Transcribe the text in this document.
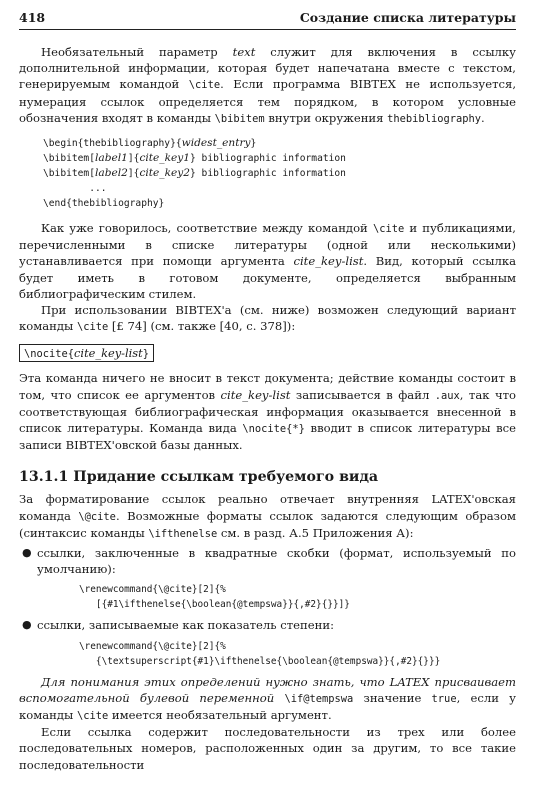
418	Создание списка литературы

Необязательный параметр text служит для включения в ссылку дополнительной информации, которая будет напечатана вместе с текстом, генерируемым командой \cite. Если программа BIBTEX не используется, нумерация ссылок определяется тем порядком, в котором условные обозначения входят в команды \bibitem внутри окружения thebibliography.

\begin{thebibliography}{widest_entry}
\bibitem[label1]{cite_key1} bibliographic information
\bibitem[label2]{cite_key2} bibliographic information
...
\end{thebibliography}

Как уже говорилось, соответствие между командой \cite и публикациями, перечисленными в списке литературы (одной или несколькими) устанавливается при помощи аргумента cite_key-list. Вид, который ссылка будет иметь в готовом документе, определяется выбранным библиографическим стилем.

При использовании BIBTEX'а (см. ниже) возможен следующий вариант команды \cite [£ 74] (см. также [40, с. 378]):

\nocite{cite_key-list}

Эта команда ничего не вносит в текст документа; действие команды состоит в том, что список ее аргументов cite_key-list записывается в файл .aux, так что соответствующая библиографическая информация оказывается внесенной в список литературы. Команда вида \nocite{*} вводит в список литературы все записи BIBTEX'овской базы данных.

13.1.1 Придание ссылкам требуемого вида

За форматирование ссылок реально отвечает внутренняя LATEX'овская команда \@cite. Возможные форматы ссылок задаются следующим образом (синтаксис команды \ifthenelse см. в разд. А.5 Приложения А):

● ссылки, заключенные в квадратные скобки (формат, используемый по умолчанию):
\renewcommand{\@cite}[2]{%
[{#1\ifthenelse{\boolean{@tempswa}}{,#2}{}}]}
● ссылки, записываемые как показатель степени:
\renewcommand{\@cite}[2]{%
{\textsuperscript{#1}\ifthenelse{\boolean{@tempswa}}{,#2}{}}}

Для понимания этих определений нужно знать, что LATEX присваивает вспомогательной булевой переменной \if@tempswa значение true, если у команды \cite имеется необязательный аргумент.

Если ссылка содержит последовательности из трех или более последовательных номеров, расположенных один за другим, то все такие последовательности
